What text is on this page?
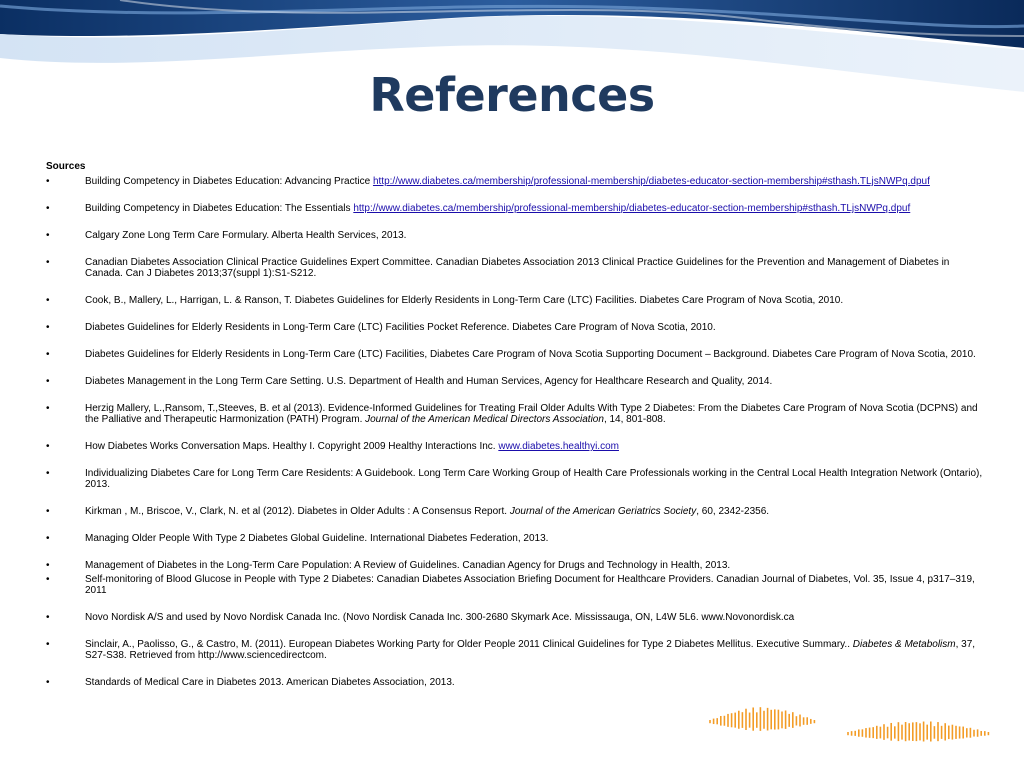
References
Sources
• Building Competency in Diabetes Education: Advancing Practice http://www.diabetes.ca/membership/professional-membership/diabetes-educator-section-membership#sthash.TLjsNWPq.dpuf
• Building Competency in Diabetes Education: The Essentials http://www.diabetes.ca/membership/professional-membership/diabetes-educator-section-membership#sthash.TLjsNWPq.dpuf
• Calgary Zone Long Term Care Formulary. Alberta Health Services, 2013.
• Canadian Diabetes Association Clinical Practice Guidelines Expert Committee. Canadian Diabetes Association 2013 Clinical Practice Guidelines for the Prevention and Management of Diabetes in Canada. Can J Diabetes 2013;37(suppl 1):S1-S212.
• Cook, B., Mallery, L., Harrigan, L. & Ranson, T. Diabetes Guidelines for Elderly Residents in Long-Term Care (LTC) Facilities. Diabetes Care Program of Nova Scotia, 2010.
• Diabetes Guidelines for Elderly Residents in Long-Term Care (LTC) Facilities Pocket Reference. Diabetes Care Program of Nova Scotia, 2010.
• Diabetes Guidelines for Elderly Residents in Long-Term Care (LTC) Facilities, Diabetes Care Program of Nova Scotia Supporting Document – Background. Diabetes Care Program of Nova Scotia, 2010.
• Diabetes Management in the Long Term Care Setting. U.S. Department of Health and Human Services, Agency for Healthcare Research and Quality, 2014.
• Herzig Mallery, L.,Ransom, T.,Steeves, B. et al (2013). Evidence-Informed Guidelines for Treating Frail Older Adults With Type 2 Diabetes: From the Diabetes Care Program of Nova Scotia (DCPNS) and the Palliative and Therapeutic Harmonization (PATH) Program. Journal of the American Medical Directors Association, 14, 801-808.
• How Diabetes Works Conversation Maps. Healthy I. Copyright 2009 Healthy Interactions Inc. www.diabetes.healthyi.com
• Individualizing Diabetes Care for Long Term Care Residents: A Guidebook. Long Term Care Working Group of Health Care Professionals working in the Central Local Health Integration Network (Ontario), 2013.
• Kirkman , M., Briscoe, V., Clark, N. et al (2012). Diabetes in Older Adults : A Consensus Report. Journal of the American Geriatrics Society, 60, 2342-2356.
• Managing Older People With Type 2 Diabetes Global Guideline. International Diabetes Federation, 2013.
• Management of Diabetes in the Long-Term Care Population: A Review of Guidelines. Canadian Agency for Drugs and Technology in Health, 2013.
• Self-monitoring of Blood Glucose in People with Type 2 Diabetes: Canadian Diabetes Association Briefing Document for Healthcare Providers. Canadian Journal of Diabetes, Vol. 35, Issue 4, p317–319, 2011
• Novo Nordisk A/S and used by Novo Nordisk Canada Inc. (Novo Nordisk Canada Inc. 300-2680 Skymark Ace. Mississauga, ON, L4W 5L6. www.Novonordisk.ca
• Sinclair, A., Paolisso, G., & Castro, M. (2011). European Diabetes Working Party for Older People 2011 Clinical Guidelines for Type 2 Diabetes Mellitus. Executive Summary.. Diabetes & Metabolism, 37, S27-S38. Retrieved from http://www.sciencedirectcom.
• Standards of Medical Care in Diabetes 2013. American Diabetes Association, 2013.
